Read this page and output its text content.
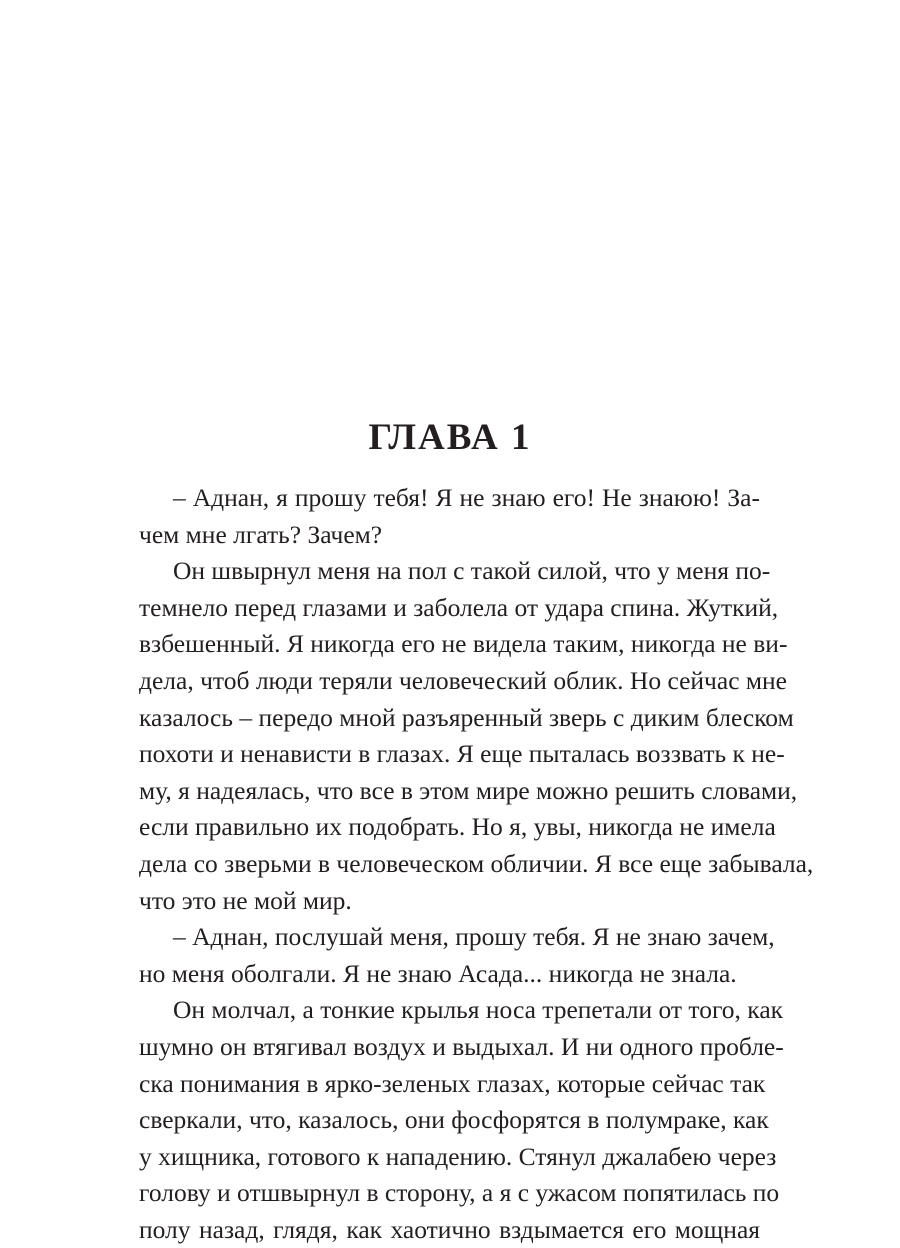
ГЛАВА 1
– Аднан, я прошу тебя! Я не знаю его! Не знаюю! За-
чем мне лгать? Зачем?
Он швырнул меня на пол с такой силой, что у меня по-
темнело перед глазами и заболела от удара спина. Жуткий,
взбешенный. Я никогда его не видела таким, никогда не ви-
дела, чтоб люди теряли человеческий облик. Но сейчас мне
казалось – передо мной разъяренный зверь с диким блеском
похоти и ненависти в глазах. Я еще пыталась воззвать к не-
му, я надеялась, что все в этом мире можно решить словами,
если правильно их подобрать. Но я, увы, никогда не имела
дела со зверьми в человеческом обличии. Я все еще забывала,
что это не мой мир.
– Аднан, послушай меня, прошу тебя. Я не знаю зачем,
но меня оболгали. Я не знаю Асада... никогда не знала.
Он молчал, а тонкие крылья носа трепетали от того, как
шумно он втягивал воздух и выдыхал. И ни одного пробле-
ска понимания в ярко-зеленых глазах, которые сейчас так
сверкали, что, казалось, они фосфорятся в полумраке, как
у хищника, готового к нападению. Стянул джалабею через
голову и отшвырнул в сторону, а я с ужасом попятилась по
полу назад, глядя, как хаотично вздымается его мощная
